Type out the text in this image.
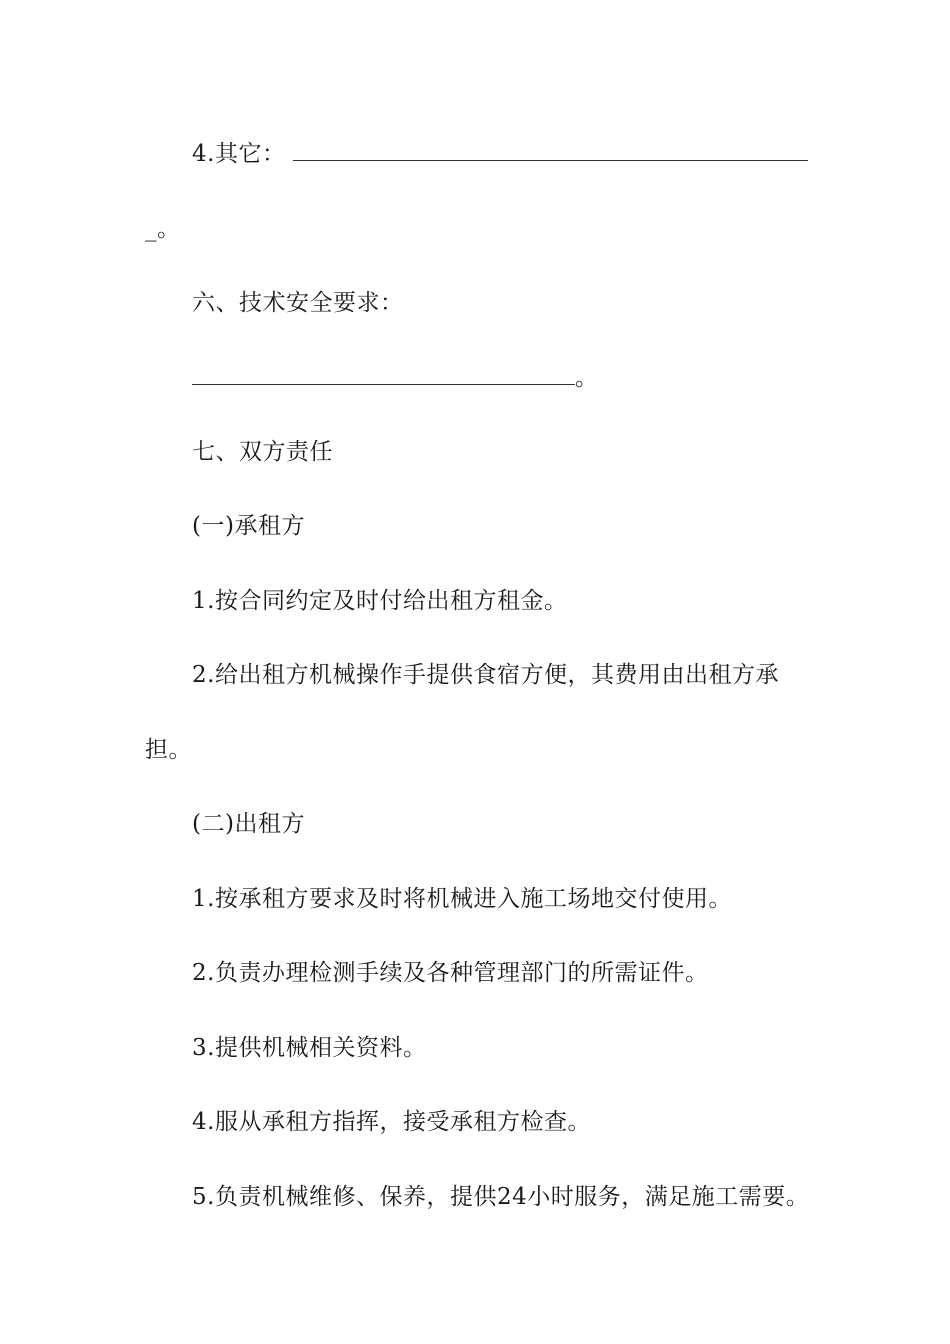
4.其它：
_。
六、技术安全要求：
。
七、双方责任
(一)承租方
1.按合同约定及时付给出租方租金。
2.给出租方机械操作手提供食宿方便，其费用由出租方承
担。
(二)出租方
1.按承租方要求及时将机械进入施工场地交付使用。
2.负责办理检测手续及各种管理部门的所需证件。
3.提供机械相关资料。
4.服从承租方指挥，接受承租方检查。
5.负责机械维修、保养，提供24小时服务，满足施工需要。
